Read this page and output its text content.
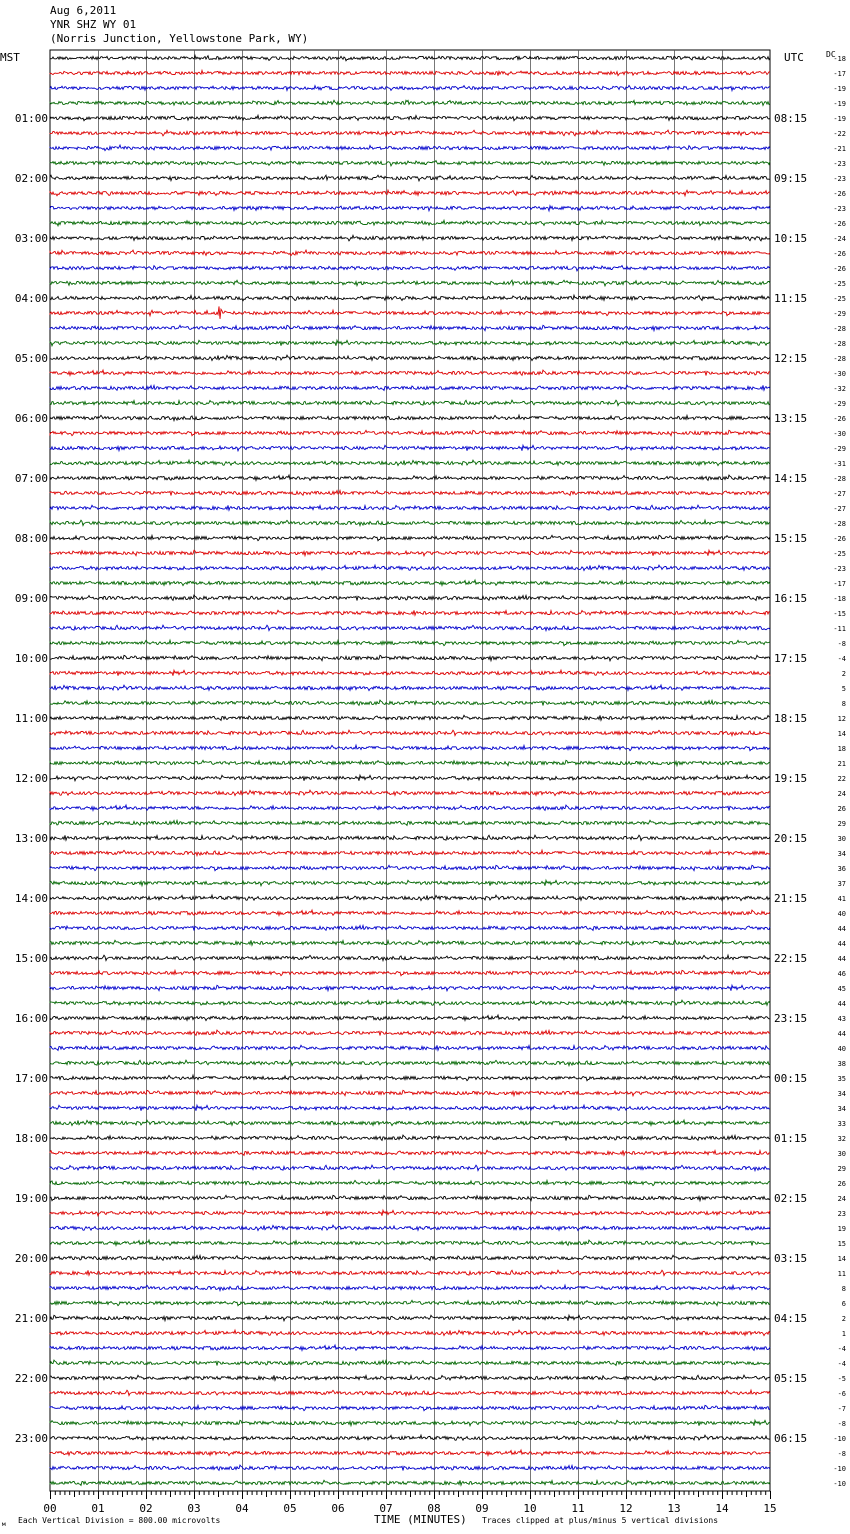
Aug 6,2011
YNR SHZ WY 01
(Norris Junction, Yellowstone Park, WY)
MST	UTC
00	01	02	03	04	05	06	07	08	09	10	11	12	13	14	15
-18
-17
-19
-19
-19
-22
-21
-23
-23
-26
-23
-26
-24
-26
-26
-25
-25
-29
-28
-28
-28
-30
-32
-29
-26
-30
-29
-31
-28
-27
-27
-28
-26
-25
-23
-17
-18
-15
-11
-8
-4
2
5
8
12
14
18
21
22
24
26
29
30
34
36
37
41
40
44
44
44
46
45
44
43
44
40
38
35
34
34
33
32
30
29
26
24
23
19
15
14
11
8
6
2
1
-4
-4
-5
-6
-7
-8
-10
-8
-10
-10
01:00	08:15
02:00	09:15
03:00	10:15
04:00	11:15
05:00	12:15
06:00	13:15
07:00	14:15
08:00	15:15
09:00	16:15
10:00	17:15
11:00	18:15
12:00	19:15
13:00	20:15
14:00	21:15
15:00	22:15
16:00	23:15
17:00	00:15
18:00	01:15
19:00	02:15
20:00	03:15
21:00	04:15
22:00	05:15
23:00	06:15
DC
м Each Vertical Division = 800.00 microvolts	TIME (MINUTES) Traces clipped at plus/minus 5 vertical divisions
